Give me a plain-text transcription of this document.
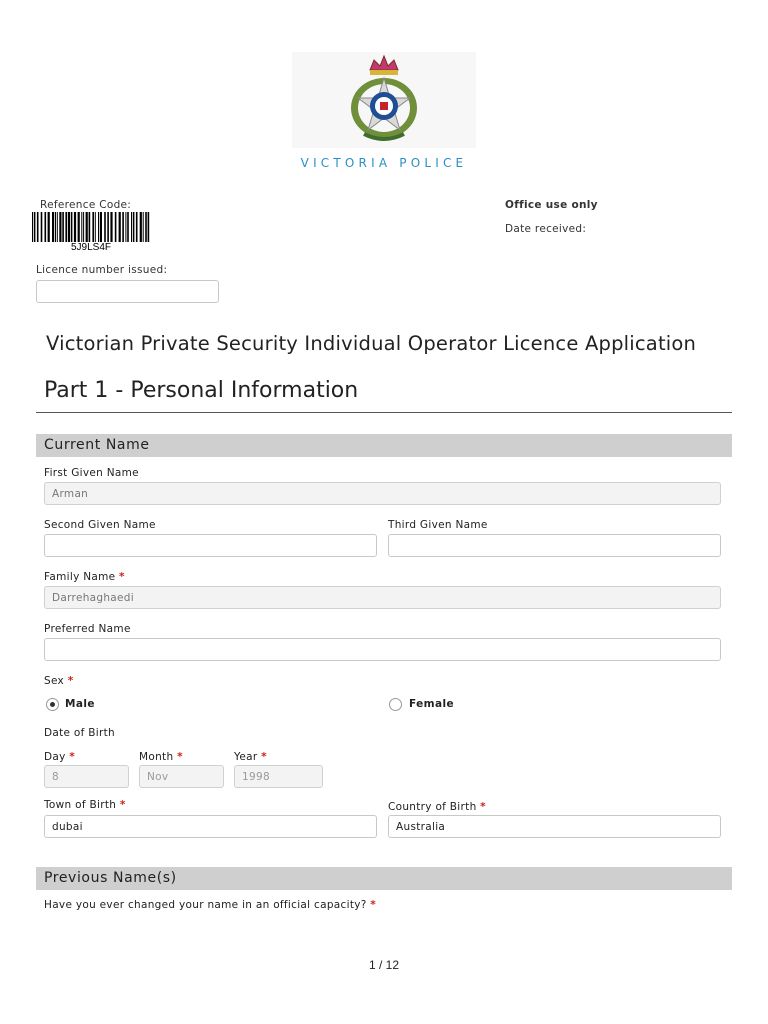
VICTORIA POLICE
Reference Code:
5J9LS4F
Office use only
Date received:
Licence number issued:
Victorian Private Security Individual Operator Licence Application
Part 1 - Personal Information
Current Name
First Given Name
Arman
Second Given Name	Third Given Name
Family Name *
Darrehaghaedi
Preferred Name
Sex *
Male	Female
Date of Birth
Day *
8
Month *
Nov
Year *
1998
Town of Birth *
dubai
Country of Birth *
Australia
Previous Name(s)
Have you ever changed your name in an official capacity? *
1 / 12
